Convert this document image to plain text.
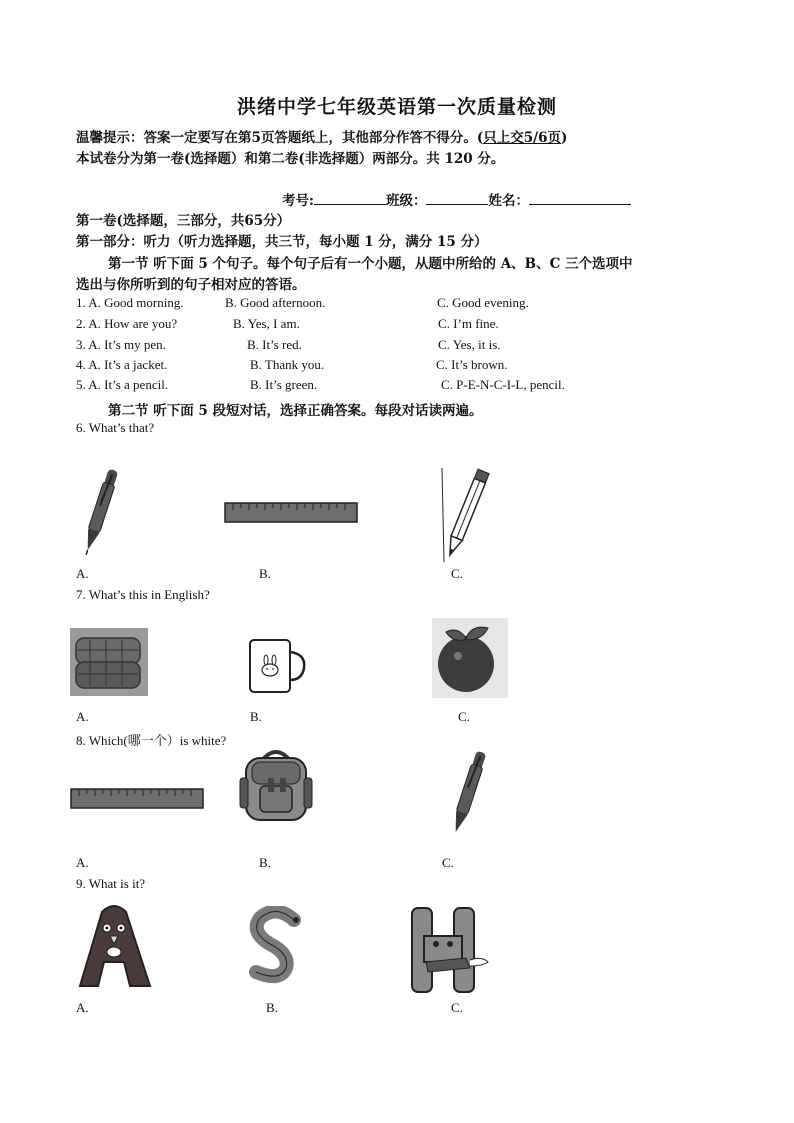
洪绪中学七年级英语第一次质量检测
温馨提示：答案一定要写在第5页答题纸上，其他部分作答不得分。(只上交5/6页)
本试卷分为第一卷(选择题）和第二卷(非选择题）两部分。共 120 分。
考号:	班级：	姓名：
第一卷(选择题，三部分，共65分）
第一部分：听力（听力选择题，共三节，每小题 1 分，满分 15 分）
第一节 听下面 5 个句子。每个句子后有一个小题，从题中所给的 A、B、C 三个选项中
选出与你所听到的句子相对应的答语。
1. A. Good morning.	B. Good afternoon.	C. Good evening.
2. A. How are you?	B. Yes, I am.	C. I’m fine.
3. A. It’s my pen.	B. It’s red.	C. Yes, it is.
4. A. It’s a jacket.	B. Thank you.	C. It’s brown.
5. A. It’s a pencil.	B. It’s green.	C. P-E-N-C-I-L, pencil.
第二节 听下面 5 段短对话，选择正确答案。每段对话读两遍。
6. What’s that?
A.	B.	C.
7. What’s this in English?
A.	B.	C.
8. Which(哪一个）is white?
A.	B.	C.
9. What is it?
A.	B.	C.
